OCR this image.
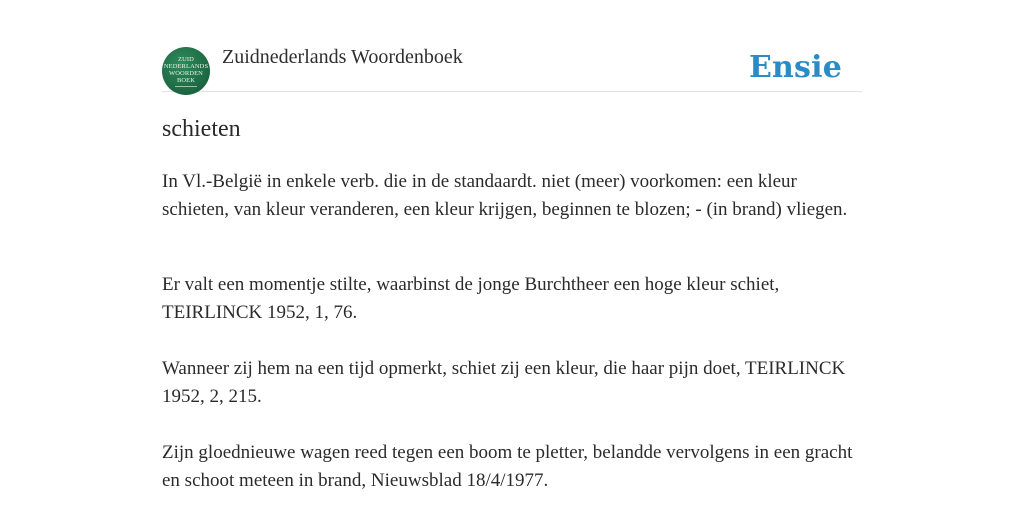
ZUID
NEDERLANDS
WOORDEN
BOEK
Zuidnederlands Woordenboek	Ensie
schieten

In Vl.-België in enkele verb. die in de standaardt. niet (meer) voorkomen: een kleur schieten, van kleur veranderen, een kleur krijgen, beginnen te blozen; - (in brand) vliegen.

Er valt een momentje stilte, waarbinst de jonge Burchtheer een hoge kleur schiet, TEIRLINCK 1952, 1, 76.

Wanneer zij hem na een tijd opmerkt, schiet zij een kleur, die haar pijn doet, TEIRLINCK 1952, 2, 215.

Zijn gloednieuwe wagen reed tegen een boom te pletter, belandde vervolgens in een gracht en schoot meteen in brand, Nieuwsblad 18/4/1977.
